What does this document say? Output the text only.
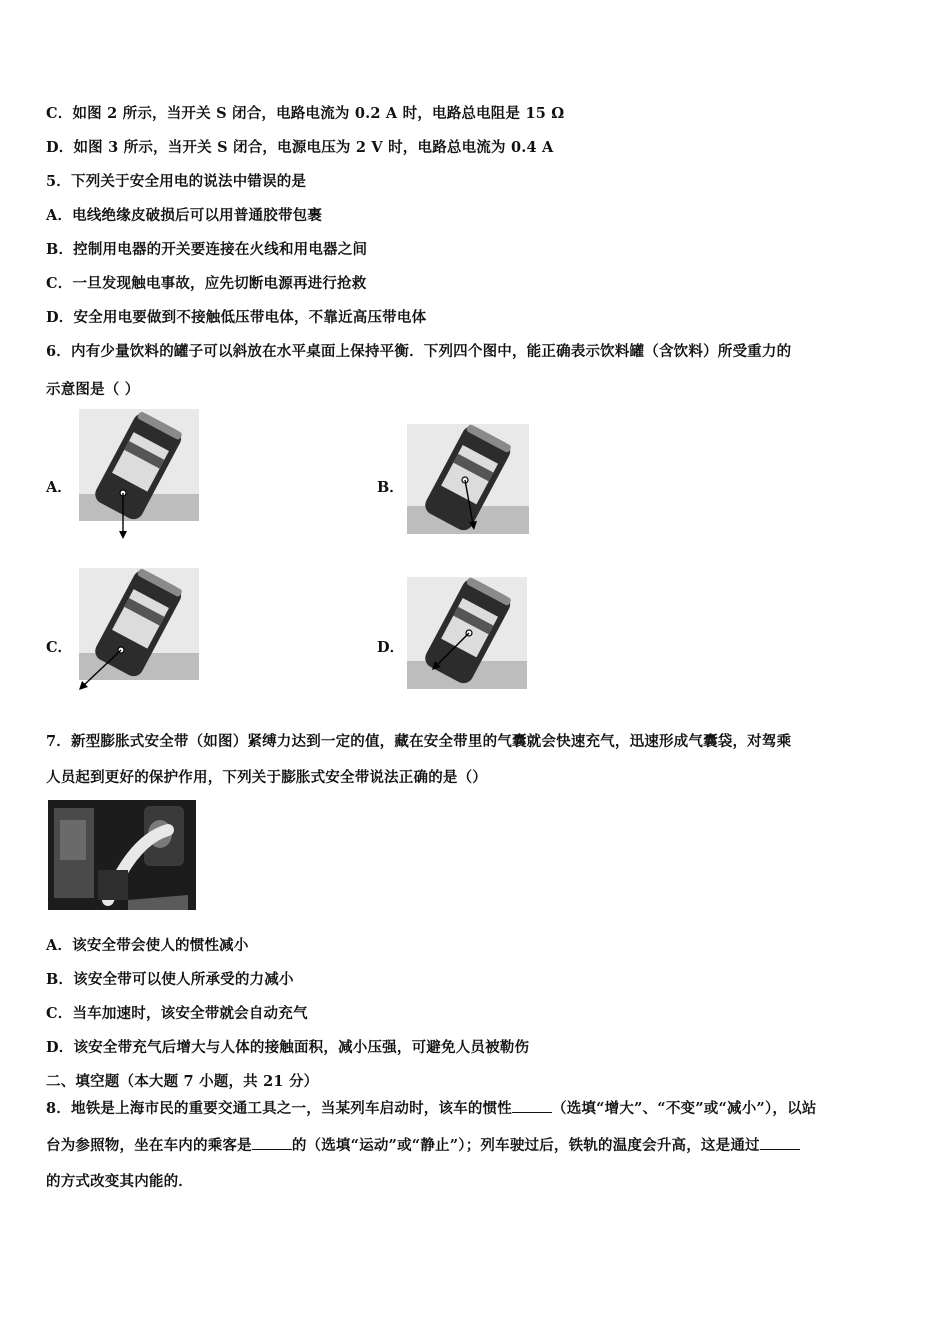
C．如图 2 所示，当开关 S 闭合，电路电流为 0.2 A 时，电路总电阻是 15 Ω
D．如图 3 所示，当开关 S 闭合，电源电压为 2 V 时，电路总电流为 0.4 A
5．下列关于安全用电的说法中错误的是
A．电线绝缘皮破损后可以用普通胶带包裹
B．控制用电器的开关要连接在火线和用电器之间
C．一旦发现触电事故，应先切断电源再进行抢救
D．安全用电要做到不接触低压带电体，不靠近高压带电体
6．内有少量饮料的罐子可以斜放在水平桌面上保持平衡．下列四个图中，能正确表示饮料罐（含饮料）所受重力的
示意图是（ ）
A．	B．
C．	D．
7．新型膨胀式安全带（如图）紧缚力达到一定的值，藏在安全带里的气囊就会快速充气，迅速形成气囊袋，对驾乘
人员起到更好的保护作用，下列关于膨胀式安全带说法正确的是（）
A．该安全带会使人的惯性减小
B．该安全带可以使人所承受的力减小
C．当车加速时，该安全带就会自动充气
D．该安全带充气后增大与人体的接触面积，减小压强，可避免人员被勒伤
二、填空题（本大题 7 小题，共 21 分）
8．地铁是上海市民的重要交通工具之一，当某列车启动时，该车的惯性	（选填“增大”、“不变”或“减小”），以站
台为参照物，坐在车内的乘客是	的（选填“运动”或“静止”）；列车驶过后，铁轨的温度会升高，这是通过
的方式改变其内能的．
